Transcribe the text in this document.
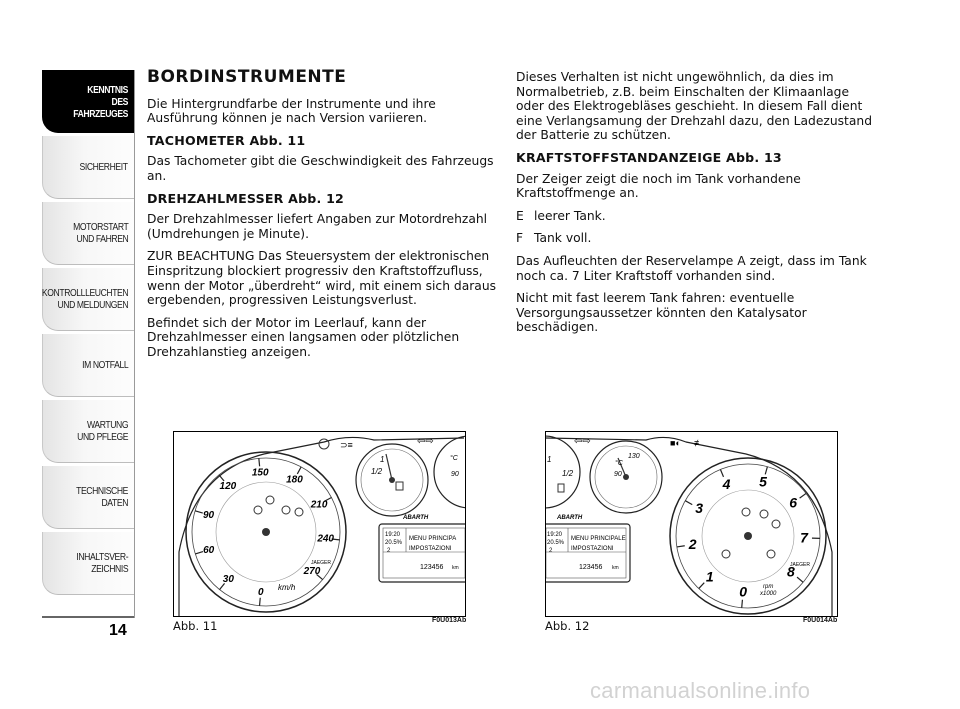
KENNTNIS
DES FAHRZEUGES
SICHERHEIT
MOTORSTART
UND FAHREN
KONTROLLLEUCHTEN
UND MELDUNGEN
IM NOTFALL
WARTUNG
UND PFLEGE
TECHNISCHE DATEN
INHALTSVER-
ZEICHNIS
14
BORDINSTRUMENTE

Die Hintergrundfarbe der Instrumente und ihre Ausführung können je nach Version variieren.

TACHOMETER Abb. 11

Das Tachometer gibt die Geschwindigkeit des Fahrzeugs an.

DREHZAHLMESSER Abb. 12

Der Drehzahlmesser liefert Angaben zur Motordrehzahl (Umdrehungen je Minute).

ZUR BEACHTUNG Das Steuersystem der elektronischen Einspritzung blockiert progressiv den Kraftstoffzufluss, wenn der Motor „überdreht“ wird, mit einem sich daraus ergebenden, progressiven Leistungsverlust.

Befindet sich der Motor im Leerlauf, kann der Drehzahlmesser einen langsamen oder plötzlichen Drehzahlanstieg anzeigen.

Dieses Verhalten ist nicht ungewöhnlich, da dies im Normalbetrieb, z.B. beim Einschalten der Klimaanlage oder des Elektrogebläses geschieht. In diesem Fall dient eine Verlangsamung der Drehzahl dazu, den Ladezustand der Batterie zu schützen.

KRAFTSTOFFSTANDANZEIGE Abb. 13

Der Zeiger zeigt die noch im Tank vorhandene Kraftstoffmenge an.

E leerer Tank.
F Tank voll.

Das Aufleuchten der Reservelampe A zeigt, dass im Tank noch ca. 7 Liter Kraftstoff vorhanden sind.

Nicht mit fast leerem Tank fahren: eventuelle Versorgungsaussetzer könnten den Katalysator beschädigen.

0
30
60
90
120
150
180
210
240
270
km/h
JAEGER
1
1/2
°C
90
⊃≡	⇦⇨
ABARTH
19:20
20.5%
2
MENU PRINCIPA
IMPOSTAZIONI
123456 km
Abb. 11	F0U013Ab
1
1/2
130
°C
90
⇦⇨	■◐ ≢
ABARTH
19:20
20.5%
2
MENU PRINCIPALE
IMPOSTAZIONI
123456 km
0
1
2
3
4 5
6
7
8
rpm
x1000
JAEGER
Abb. 12	F0U014Ab
carmanualsonline.info
